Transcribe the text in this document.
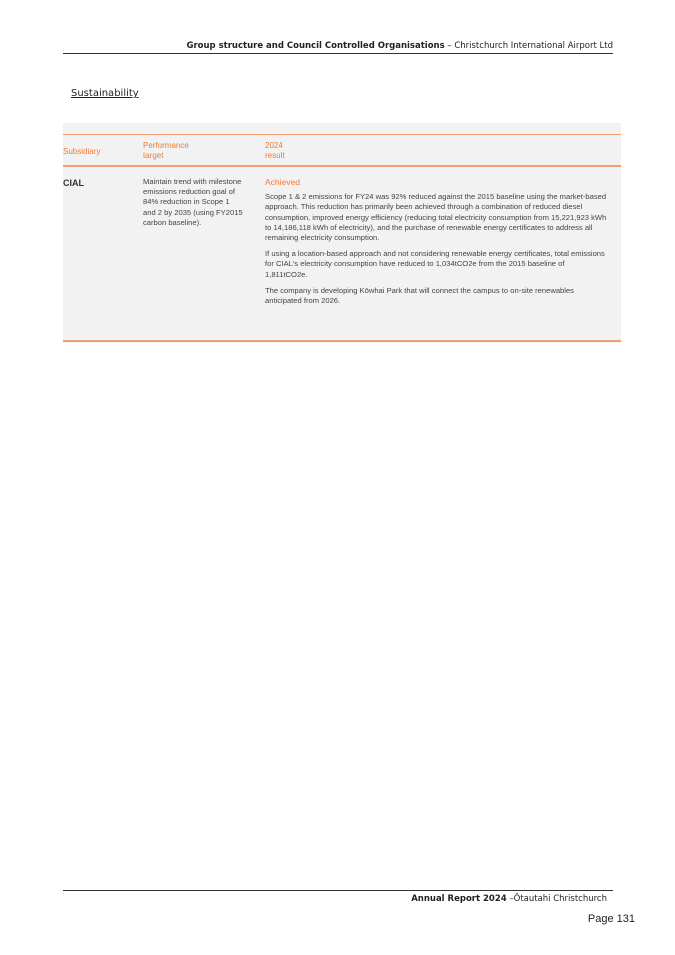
Group structure and Council Controlled Organisations – Christchurch International Airport Ltd
Sustainability
Subsidiary
Performance
target
2024
result
CIAL	Maintain trend with milestone emissions reduction goal of 84% reduction in Scope 1 and 2 by 2035 (using FY2015 carbon baseline).
Achieved

Scope 1 & 2 emissions for FY24 was 92% reduced against the 2015 baseline using the market-based approach. This reduction has primarily been achieved through a combination of reduced diesel consumption, improved energy efficiency (reducing total electricity consumption from 15,221,923 kWh to 14,186,118 kWh of electricity), and the purchase of renewable energy certificates to address all remaining electricity consumption.

If using a location-based approach and not considering renewable energy certificates, total emissions for CIAL's electricity consumption have reduced to 1,034tCO2e from the 2015 baseline of 1,811tCO2e.

The company is developing Kōwhai Park that will connect the campus to on-site renewables anticipated from 2026.

Annual Report 2024 –Ōtautahi Christchurch
Page 131
